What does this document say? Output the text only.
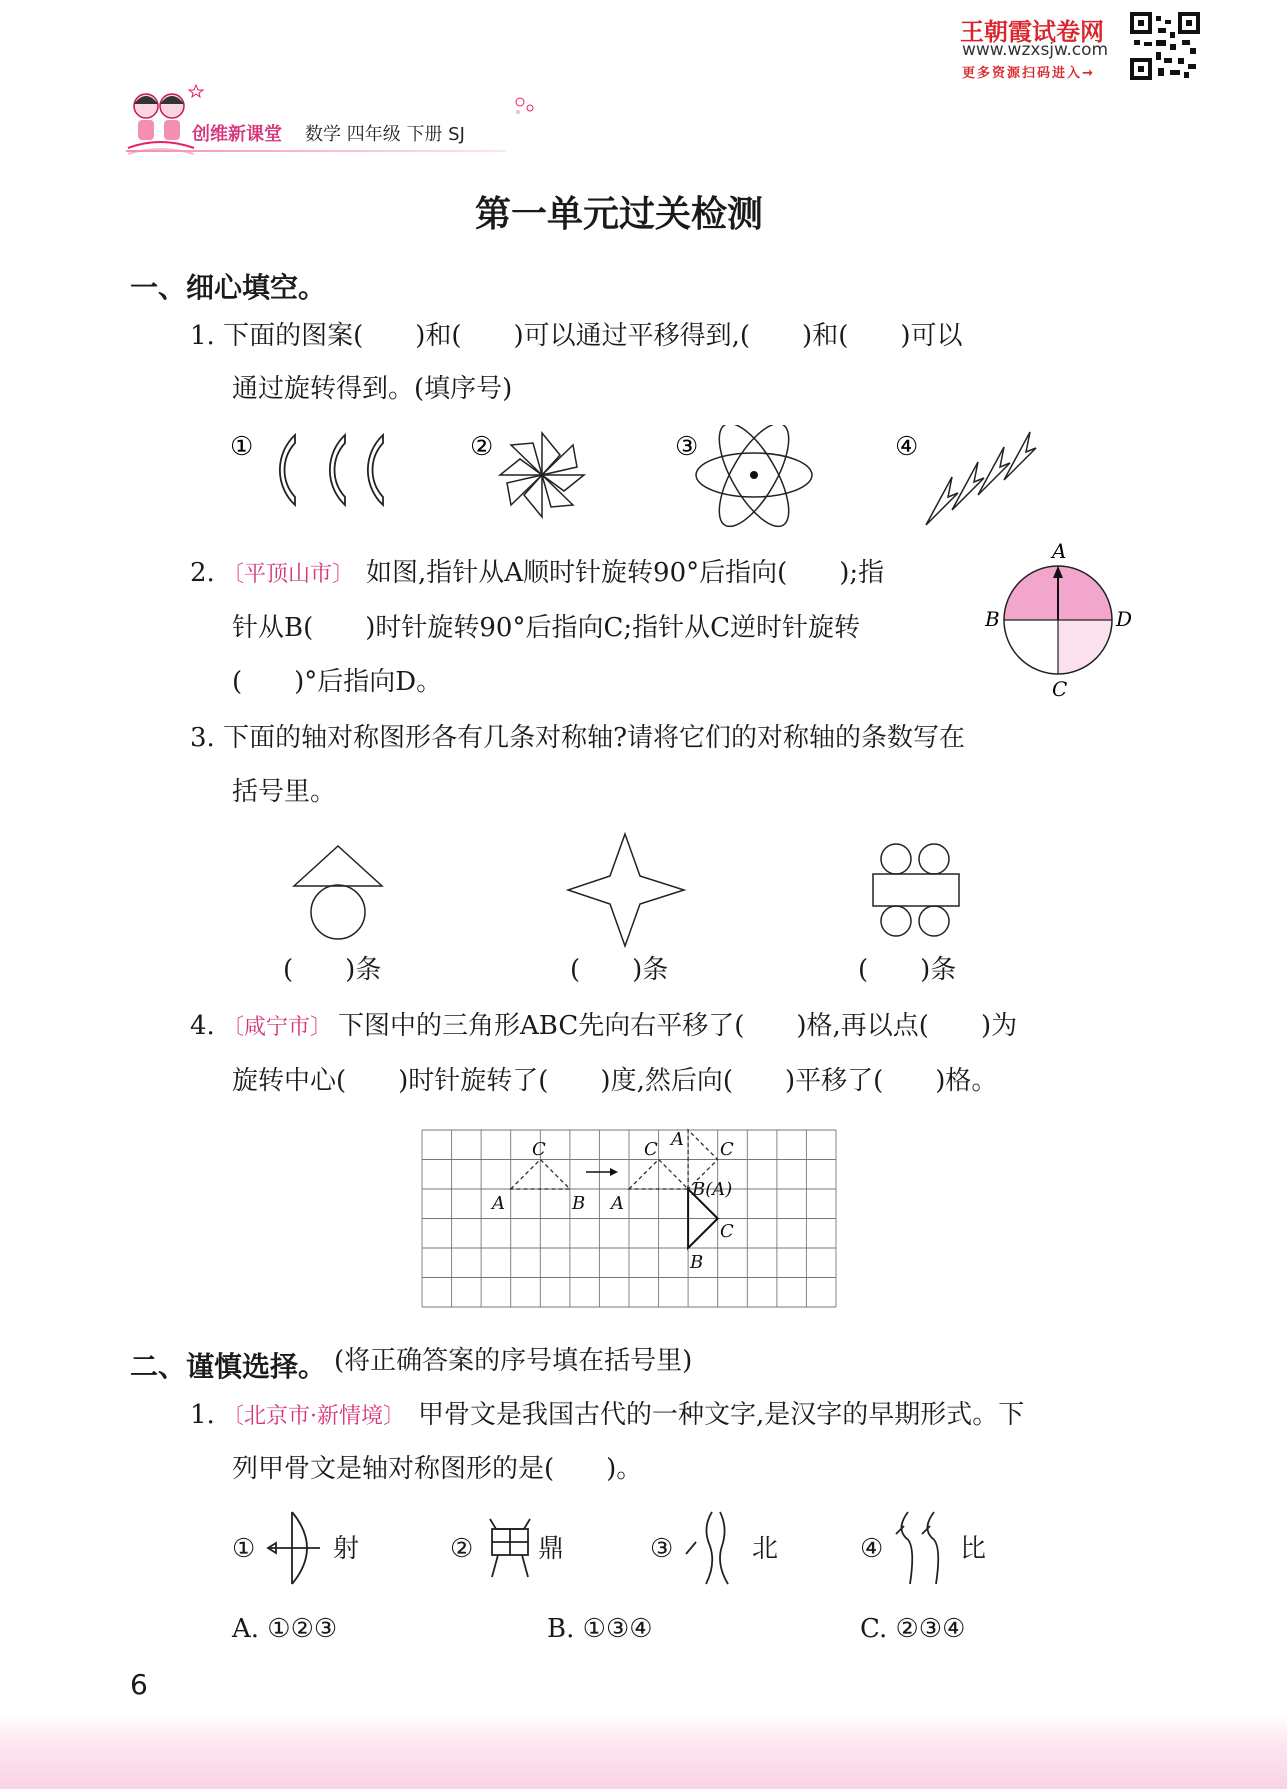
王朝霞试卷网
www.wzxsjw.com
更多资源扫码进入→
创维新课堂 数学 四年级 下册 SJ
第一单元过关检测
一、细心填空。
1. 下面的图案(　　)和(　　)可以通过平移得到,(　　)和(　　)可以
通过旋转得到。(填序号)
①	②	③	④
2. 〔平顶山市〕 如图,指针从A顺时针旋转90°后指向(　　);指
针从B(　　)时针旋转90°后指向C;指针从C逆时针旋转
(　　)°后指向D。
A
B
C
D
3. 下面的轴对称图形各有几条对称轴?请将它们的对称轴的条数写在
括号里。
(　　)条	(　　)条	(　　)条
4. 〔咸宁市〕 下图中的三角形ABC先向右平移了(　　)格,再以点(　　)为
旋转中心(　　)时针旋转了(　　)度,然后向(　　)平移了(　　)格。
C
A	B
C
A
A C
B(A)
C
B
二、谨慎选择。 (将正确答案的序号填在括号里)
1. 〔北京市·新情境〕 甲骨文是我国古代的一种文字,是汉字的早期形式。下
列甲骨文是轴对称图形的是(　　)。
①	射	② 鼎	③	北	④	比
A. ①②③	B. ①③④	C. ②③④
6
